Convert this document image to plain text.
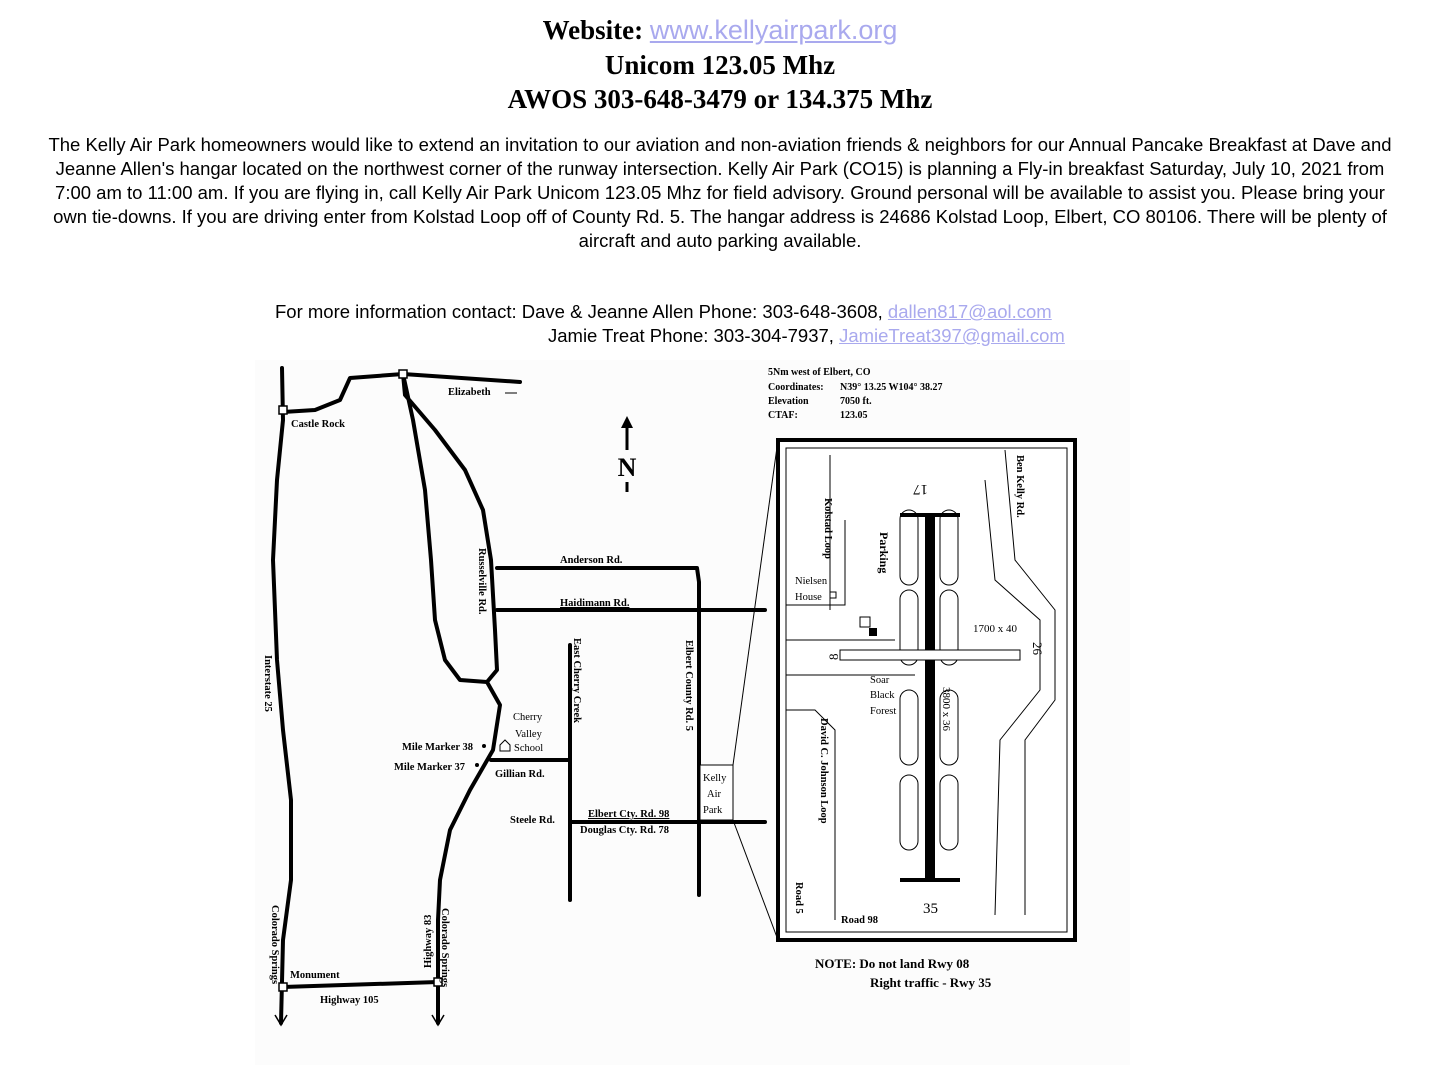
Website: www.kellyairpark.org
Unicom 123.05 Mhz
AWOS 303-648-3479 or 134.375 Mhz

The Kelly Air Park homeowners would like to extend an invitation to our aviation and non-aviation friends & neighbors for our Annual Pancake Breakfast at Dave and Jeanne Allen's hangar located on the northwest corner of the runway intersection. Kelly Air Park (CO15) is planning a Fly-in breakfast Saturday, July 10, 2021 from 7:00 am to 11:00 am. If you are flying in, call Kelly Air Park Unicom 123.05 Mhz for field advisory. Ground personal will be available to assist you. Please bring your own tie-downs. If you are driving enter from Kolstad Loop off of County Rd. 5. The hangar address is 24686 Kolstad Loop, Elbert, CO 80106. There will be plenty of aircraft and auto parking available.

For more information contact: Dave & Jeanne Allen Phone: 303-648-3608, dallen817@aol.com
Jamie Treat Phone: 303-304-7937, JamieTreat397@gmail.com
N
Elizabeth
Castle Rock
Anderson Rd.
Haidimann Rd.
Russelville Rd.
Interstate 25	East Cherry Creek	Elbert County Rd. 5
Cherry
Valley
School
Mile Marker 38
Mile Marker 37
Gillian Rd.
Steele Rd.
Elbert Cty. Rd. 98
Douglas Cty. Rd. 78
Monument
Highway 105
Highway 83
Colorado Springs	Colorado Springs
Kelly
Air
Park
5Nm west of Elbert, CO
Coordinates: N39° 13.25 W104° 38.27
Elevation	7050 ft.
CTAF:	123.05
Ben Kelly Rd.
Kolstad Loop	Parking
Nielsen
House
17
26
8
35
1700 x 40
3800 x 36
Soar
Black
Forest
David C. Johnson Loop
Road 5
Road 98
NOTE: Do not land Rwy 08
Right traffic - Rwy 35
